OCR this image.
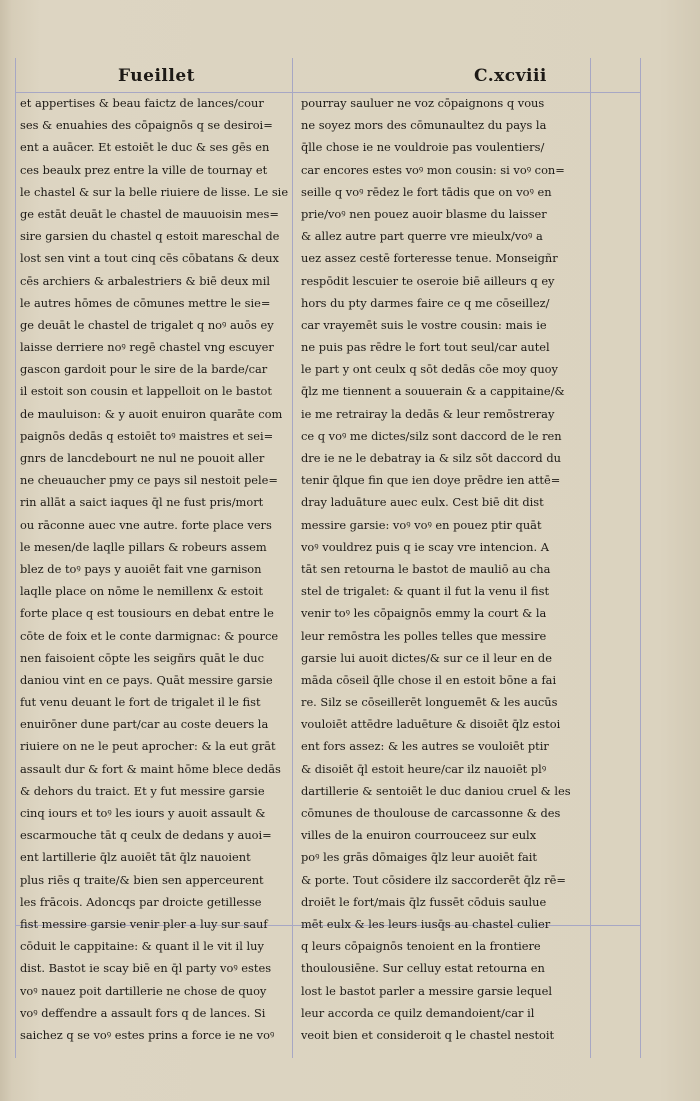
Fueillet	C.xcviii
et appertises & beau faictz de lances/cour
ses & enuahies des cōpaignōs q se desiroi=
ent a auācer. Et estoiēt le duc & ses gēs en
ces beaulx prez entre la ville de tournay et
le chastel & sur la belle riuiere de lisse. Le sie
ge estāt deuāt le chastel de mauuoisin mes=
sire garsien du chastel q estoit mareschal de
lost sen vint a tout cinq cēs cōbatans & deux
cēs archiers & arbalestriers & biē deux mil
le autres hōmes de cōmunes mettre le sie=
ge deuāt le chastel de trigalet q noꝰ auōs ey
laisse derriere noꝰ regē chastel vng escuyer
gascon gardoit pour le sire de la barde/car
il estoit son cousin et lappelloit on le bastot
de mauluison: & y auoit enuiron quarāte com
paignōs dedās q estoiēt toꝰ maistres et sei=
gnrs de lancdebourt ne nul ne pouoit aller
ne cheuaucher pmy ce pays sil nestoit pele=
rin allāt a saict iaques q̄l ne fust pris/mort
ou rāconne auec vne autre. forte place vers
le mesen/de laqlle pillars & robeurs assem
blez de toꝰ pays y auoiēt fait vne garnison
laqlle place on nōme le nemillenx & estoit
forte place q est tousiours en debat entre le
cōte de foix et le conte darmignac: & pource
nen faisoient cōpte les seigñrs quāt le duc
daniou vint en ce pays. Quāt messire garsie
fut venu deuant le fort de trigalet il le fist
enuirōner dune part/car au coste deuers la
riuiere on ne le peut aprocher: & la eut grāt
assault dur & fort & maint hōme blece dedās
& dehors du traict. Et y fut messire garsie
cinq iours et toꝰ les iours y auoit assault &
escarmouche tāt q ceulx de dedans y auoi=
ent lartillerie q̄lz auoiēt tāt q̄lz nauoient
plus riēs q traite/& bien sen apperceurent
les frācois. Adoncqs par droicte getillesse
fist messire garsie venir pler a luy sur sauf
cōduit le cappitaine: & quant il le vit il luy
dist. Bastot ie scay biē en q̄l party voꝰ estes
voꝰ nauez poit dartillerie ne chose de quoy
voꝰ deffendre a assault fors q de lances. Si
saichez q se voꝰ estes prins a force ie ne voꝰ
pourray sauluer ne voz cōpaignons q vous
ne soyez mors des cōmunaultez du pays la
q̄lle chose ie ne vouldroie pas voulentiers/
car encores estes voꝰ mon cousin: si voꝰ con=
seille q voꝰ rēdez le fort tādis que on voꝰ en
prie/voꝰ nen pouez auoir blasme du laisser
& allez autre part querre vre mieulx/voꝰ a
uez assez cestē forteresse tenue. Monseigñr
respōdit lescuier te oseroie biē ailleurs q ey
hors du pty darmes faire ce q me cōseillez/
car vrayemēt suis le vostre cousin: mais ie
ne puis pas rēdre le fort tout seul/car autel
le part y ont ceulx q sōt dedās cōe moy quoy
q̄lz me tiennent a souuerain & a cappitaine/&
ie me retrairay la dedās & leur remōstreray
ce q voꝰ me dictes/silz sont daccord de le ren
dre ie ne le debatray ia & silz sōt daccord du
tenir q̄lque fin que ien doye prēdre ien attē=
dray laduāture auec eulx. Cest biē dit dist
messire garsie: voꝰ voꝰ en pouez ptir quāt
voꝰ vouldrez puis q ie scay vre intencion. A
tāt sen retourna le bastot de mauliō au cha
stel de trigalet: & quant il fut la venu il fist
venir toꝰ les cōpaignōs emmy la court & la
leur remōstra les polles telles que messire
garsie lui auoit dictes/& sur ce il leur en de
māda cōseil q̄lle chose il en estoit bōne a fai
re. Silz se cōseillerēt longuemēt & les aucūs
vouloiēt attēdre laduēture & disoiēt q̄lz estoi
ent fors assez: & les autres se vouloiēt ptir
& disoiēt q̄l estoit heure/car ilz nauoiēt plꝰ
dartillerie & sentoiēt le duc daniou cruel & les
cōmunes de thoulouse de carcassonne & des
villes de la enuiron courrouceez sur eulx
poꝰ les grās dōmaiges q̄lz leur auoiēt fait
& porte. Tout cōsidere ilz saccorderēt q̄lz rē=
droiēt le fort/mais q̄lz fussēt cōduis saulue
mēt eulx & les leurs iusq̄s au chastel culier
q leurs cōpaignōs tenoient en la frontiere
thoulousiēne. Sur celluy estat retourna en
lost le bastot parler a messire garsie lequel
leur accorda ce quilz demandoient/car il
veoit bien et consideroit q le chastel nestoit
